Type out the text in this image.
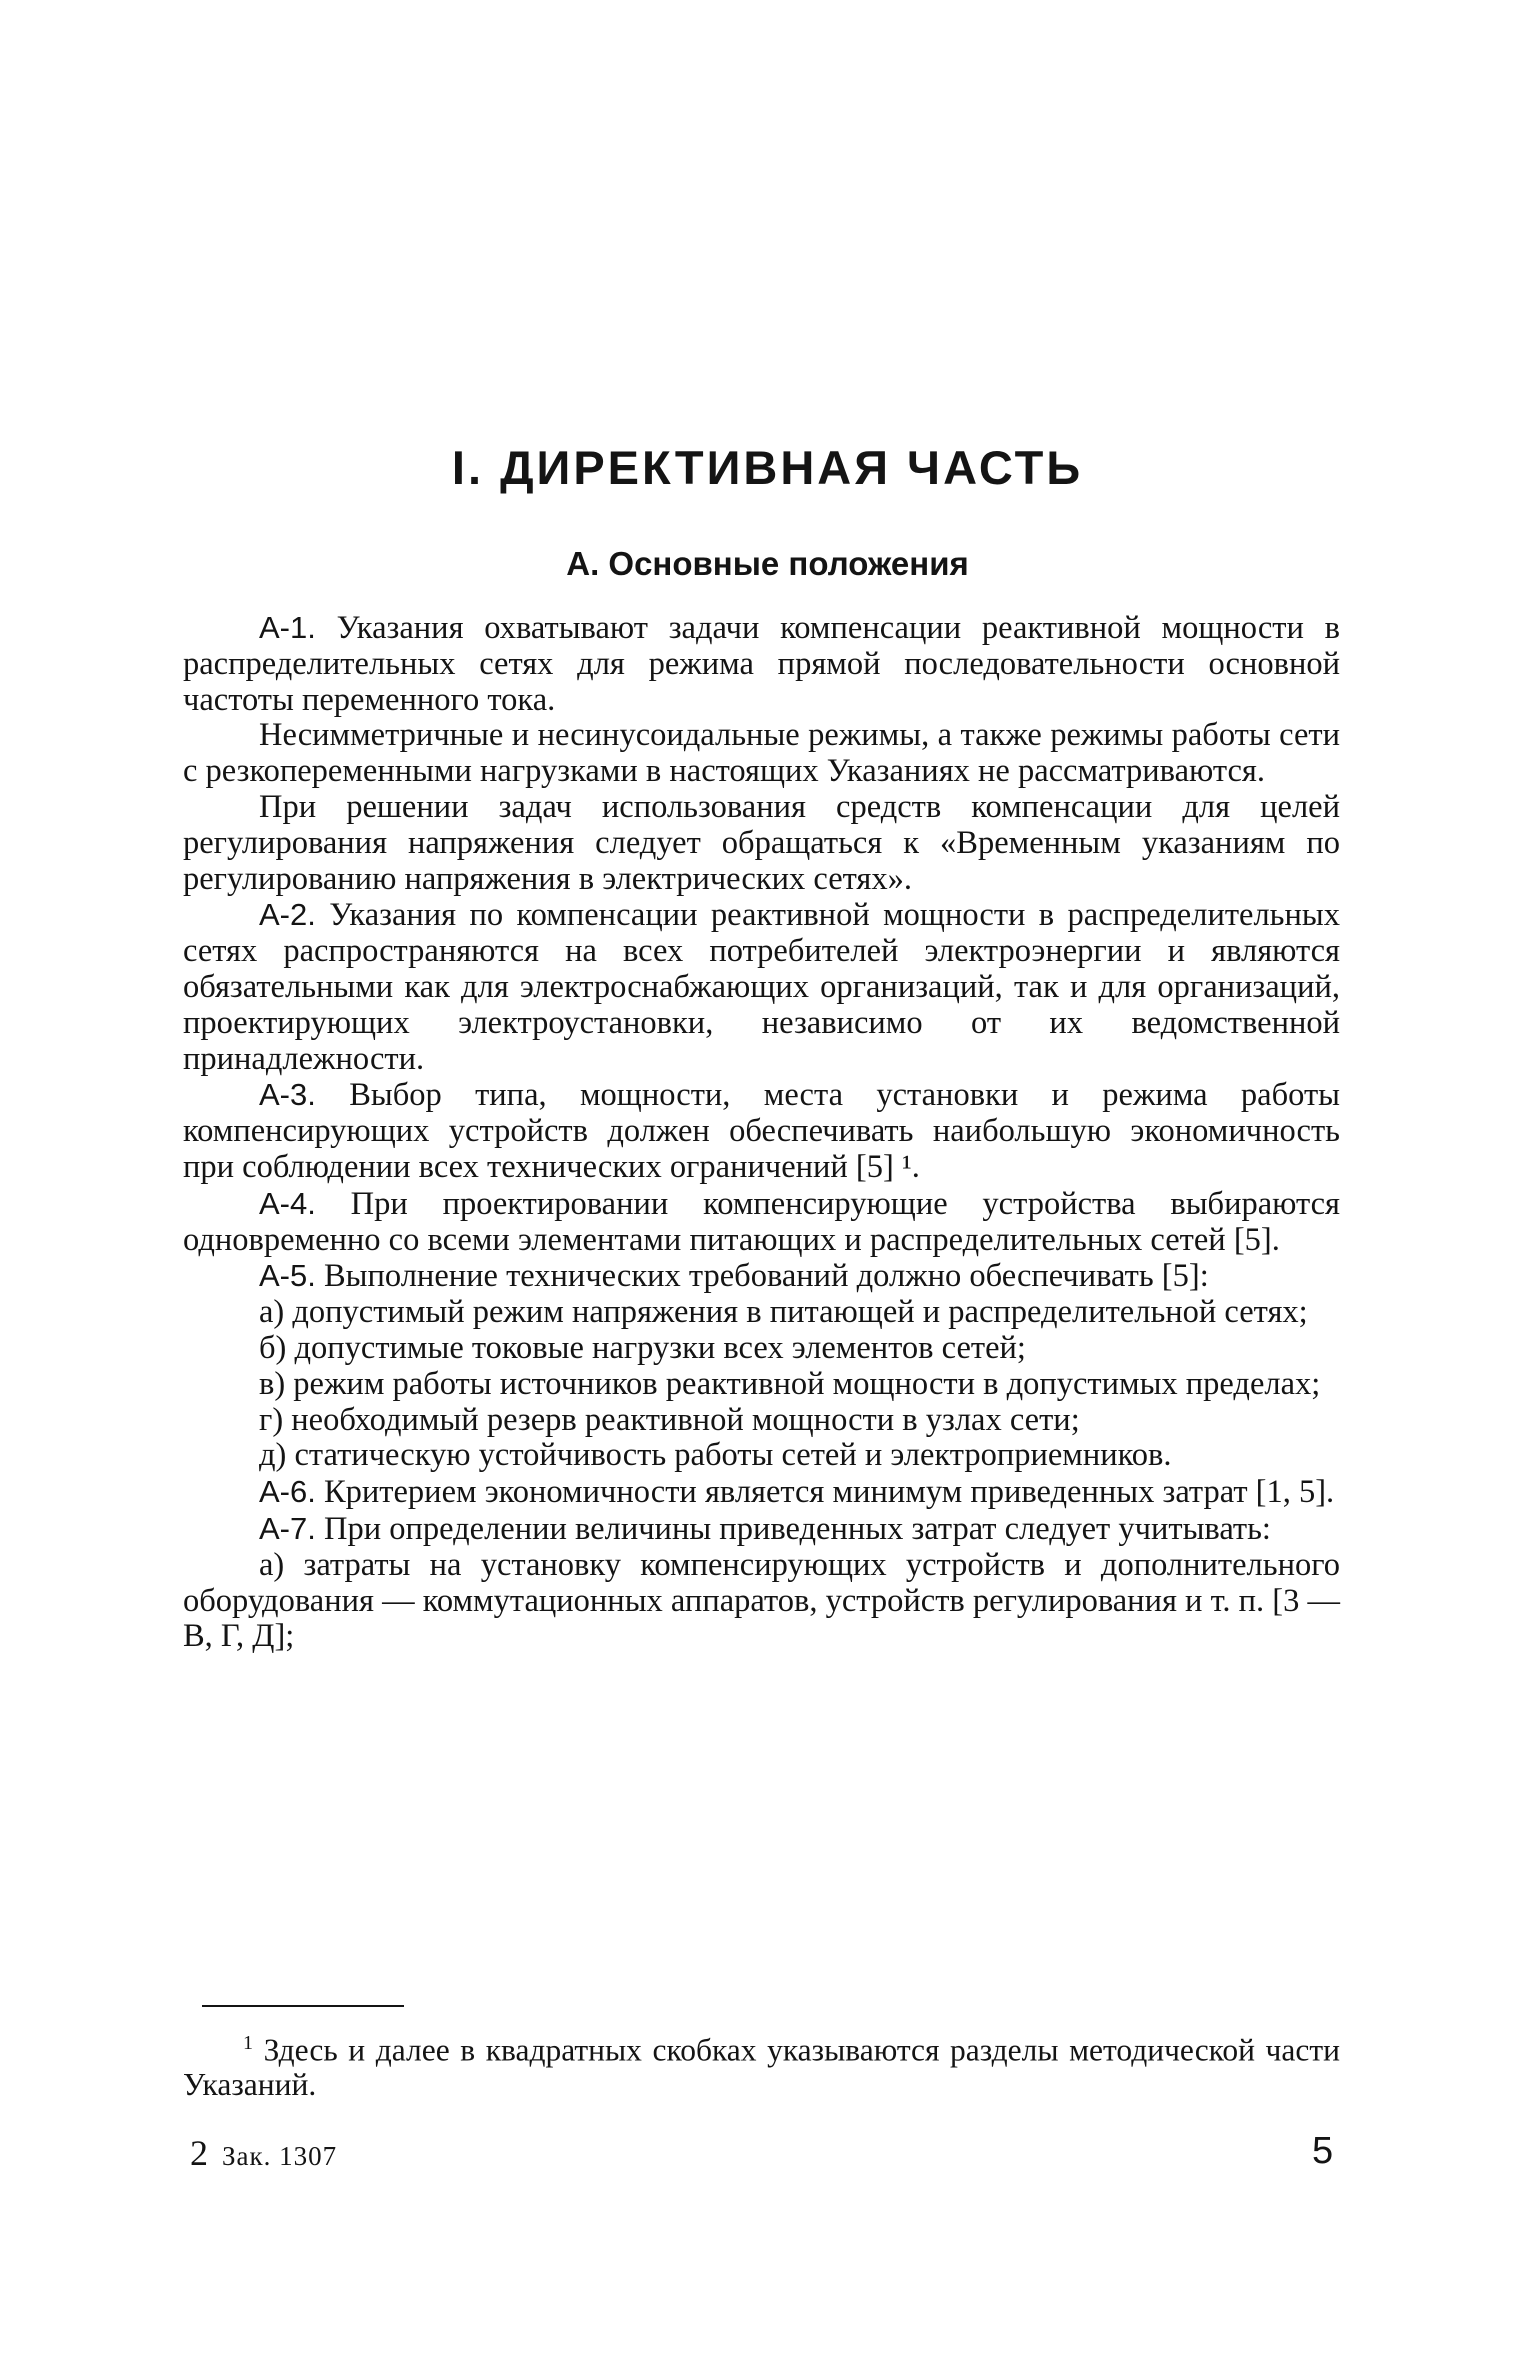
I. ДИРЕКТИВНАЯ ЧАСТЬ
А. Основные положения

А-1. Указания охватывают задачи компенсации реактивной мощности в распределительных сетях для режима прямой последовательности основной частоты переменного тока.

Несимметричные и несинусоидальные режимы, а также режимы работы сети с резкопеременными нагрузками в настоящих Указаниях не рассматриваются.

При решении задач использования средств компенсации для целей регулирования напряжения следует обращаться к «Временным указаниям по регулированию напряжения в электрических сетях».

А-2. Указания по компенсации реактивной мощности в распределительных сетях распространяются на всех потребителей электроэнергии и являются обязательными как для электроснабжающих организаций, так и для организаций, проектирующих электроустановки, независимо от их ведомственной принадлежности.

А-3. Выбор типа, мощности, места установки и режима работы компенсирующих устройств должен обеспечивать наибольшую экономичность при соблюдении всех технических ограничений [5] ¹.

А-4. При проектировании компенсирующие устройства выбираются одновременно со всеми элементами питающих и распределительных сетей [5].

А-5. Выполнение технических требований должно обеспечивать [5]:

а) допустимый режим напряжения в питающей и распределительной сетях;

б) допустимые токовые нагрузки всех элементов сетей;

в) режим работы источников реактивной мощности в допустимых пределах;

г) необходимый резерв реактивной мощности в узлах сети;

д) статическую устойчивость работы сетей и электроприемников.

А-6. Критерием экономичности является минимум приведенных затрат [1, 5].

А-7. При определении величины приведенных затрат следует учитывать:

а) затраты на установку компенсирующих устройств и дополнительного оборудования — коммутационных аппаратов, устройств регулирования и т. п. [3 — В, Г, Д];

$^1$ Здесь и далее в квадратных скобках указываются разделы методической части Указаний.

2 Зак. 1307	5
